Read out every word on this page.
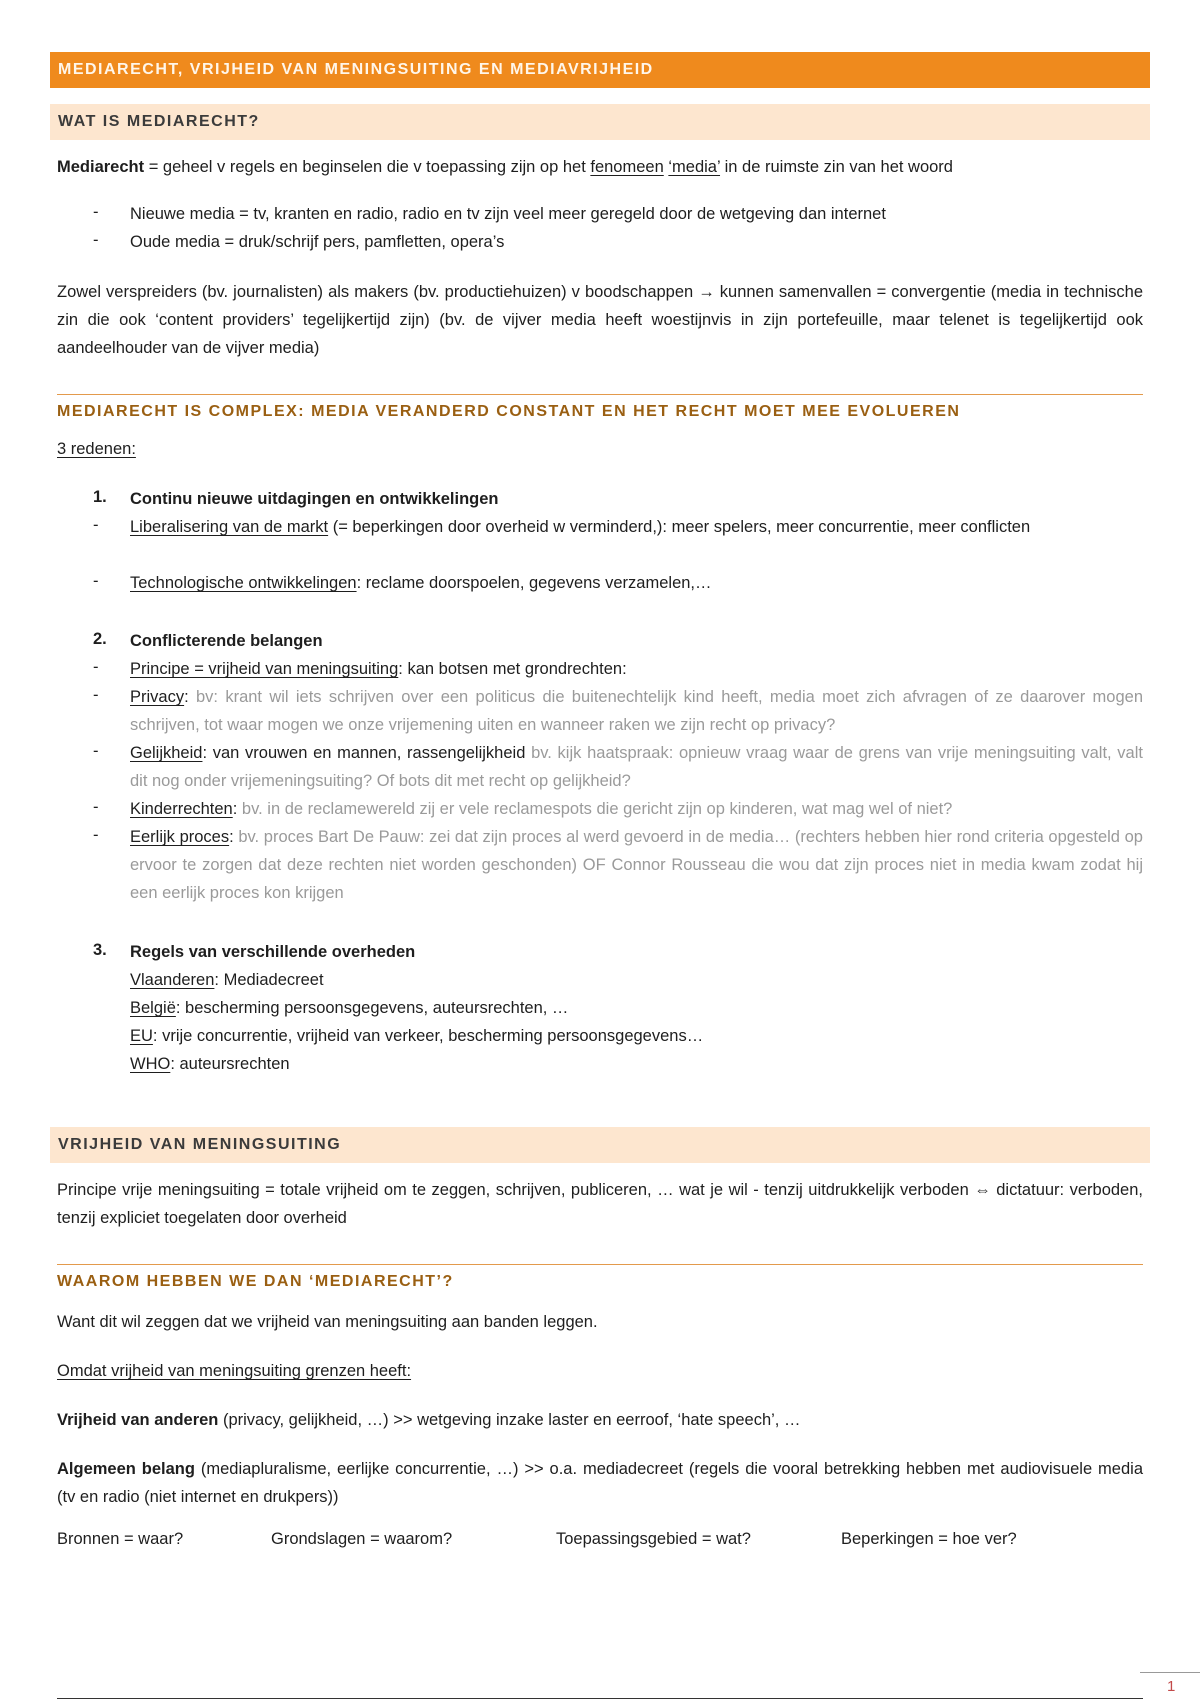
MEDIARECHT, VRIJHEID VAN MENINGSUITING EN MEDIAVRIJHEID
WAT IS MEDIARECHT?
Mediarecht = geheel v regels en beginselen die v toepassing zijn op het fenomeen ‘media’ in de ruimste zin van het woord
- Nieuwe media = tv, kranten en radio, radio en tv zijn veel meer geregeld door de wetgeving dan internet
- Oude media = druk/schrijf pers, pamfletten, opera’s
Zowel verspreiders (bv. journalisten) als makers (bv. productiehuizen) v boodschappen → kunnen samenvallen = convergentie (media in technische zin die ook ‘content providers’ tegelijkertijd zijn) (bv. de vijver media heeft woestijnvis in zijn portefeuille, maar telenet is tegelijkertijd ook aandeelhouder van de vijver media)
MEDIARECHT IS COMPLEX: MEDIA VERANDERD CONSTANT EN HET RECHT MOET MEE EVOLUEREN
3 redenen:
1. Continu nieuwe uitdagingen en ontwikkelingen
- Liberalisering van de markt (= beperkingen door overheid w verminderd,): meer spelers, meer concurrentie, meer conflicten
- Technologische ontwikkelingen: reclame doorspoelen, gegevens verzamelen,…
2. Conflicterende belangen
- Principe = vrijheid van meningsuiting: kan botsen met grondrechten:
- Privacy: bv: krant wil iets schrijven over een politicus die buitenechtelijk kind heeft, media moet zich afvragen of ze daarover mogen schrijven, tot waar mogen we onze vrijemening uiten en wanneer raken we zijn recht op privacy?
- Gelijkheid: van vrouwen en mannen, rassengelijkheid bv. kijk haatspraak: opnieuw vraag waar de grens van vrije meningsuiting valt, valt dit nog onder vrijemeningsuiting? Of bots dit met recht op gelijkheid?
- Kinderrechten: bv. in de reclamewereld zij er vele reclamespots die gericht zijn op kinderen, wat mag wel of niet?
- Eerlijk proces: bv. proces Bart De Pauw: zei dat zijn proces al werd gevoerd in de media… (rechters hebben hier rond criteria opgesteld op ervoor te zorgen dat deze rechten niet worden geschonden) OF Connor Rousseau die wou dat zijn proces niet in media kwam zodat hij een eerlijk proces kon krijgen
3. Regels van verschillende overheden
Vlaanderen: Mediadecreet
België: bescherming persoonsgegevens, auteursrechten, …
EU: vrije concurrentie, vrijheid van verkeer, bescherming persoonsgegevens…
WHO: auteursrechten
VRIJHEID VAN MENINGSUITING
Principe vrije meningsuiting = totale vrijheid om te zeggen, schrijven, publiceren, … wat je wil - tenzij uitdrukkelijk verboden ⇔ dictatuur: verboden, tenzij expliciet toegelaten door overheid
WAAROM HEBBEN WE DAN ‘MEDIARECHT’?
Want dit wil zeggen dat we vrijheid van meningsuiting aan banden leggen.
Omdat vrijheid van meningsuiting grenzen heeft:
Vrijheid van anderen (privacy, gelijkheid, …) >> wetgeving inzake laster en eerroof, ‘hate speech’, …
Algemeen belang (mediapluralisme, eerlijke concurrentie, …) >> o.a. mediadecreet (regels die vooral betrekking hebben met audiovisuele media (tv en radio (niet internet en drukpers))
Bronnen = waar?	Grondslagen = waarom?	Toepassingsgebied = wat?	Beperkingen = hoe ver?
1
